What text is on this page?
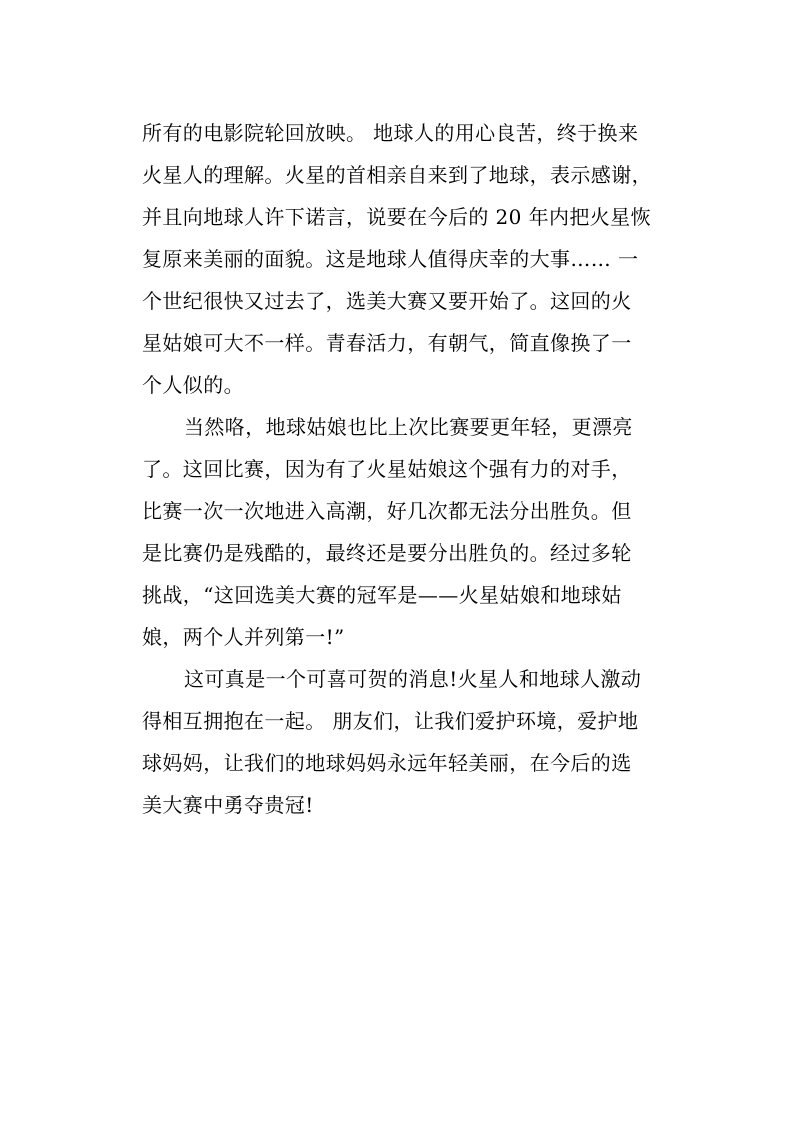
所有的电影院轮回放映。 地球人的用心良苦，终于换来
火星人的理解。火星的首相亲自来到了地球，表示感谢，
并且向地球人许下诺言，说要在今后的 20 年内把火星恢
复原来美丽的面貌。这是地球人值得庆幸的大事…… 一
个世纪很快又过去了，选美大赛又要开始了。这回的火
星姑娘可大不一样。青春活力，有朝气，简直像换了一
个人似的。
当然咯，地球姑娘也比上次比赛要更年轻，更漂亮
了。这回比赛，因为有了火星姑娘这个强有力的对手，
比赛一次一次地进入高潮，好几次都无法分出胜负。但
是比赛仍是残酷的，最终还是要分出胜负的。经过多轮
挑战，“这回选美大赛的冠军是——火星姑娘和地球姑
娘，两个人并列第一!”
这可真是一个可喜可贺的消息!火星人和地球人激动
得相互拥抱在一起。 朋友们，让我们爱护环境，爱护地
球妈妈，让我们的地球妈妈永远年轻美丽，在今后的选
美大赛中勇夺贵冠!
